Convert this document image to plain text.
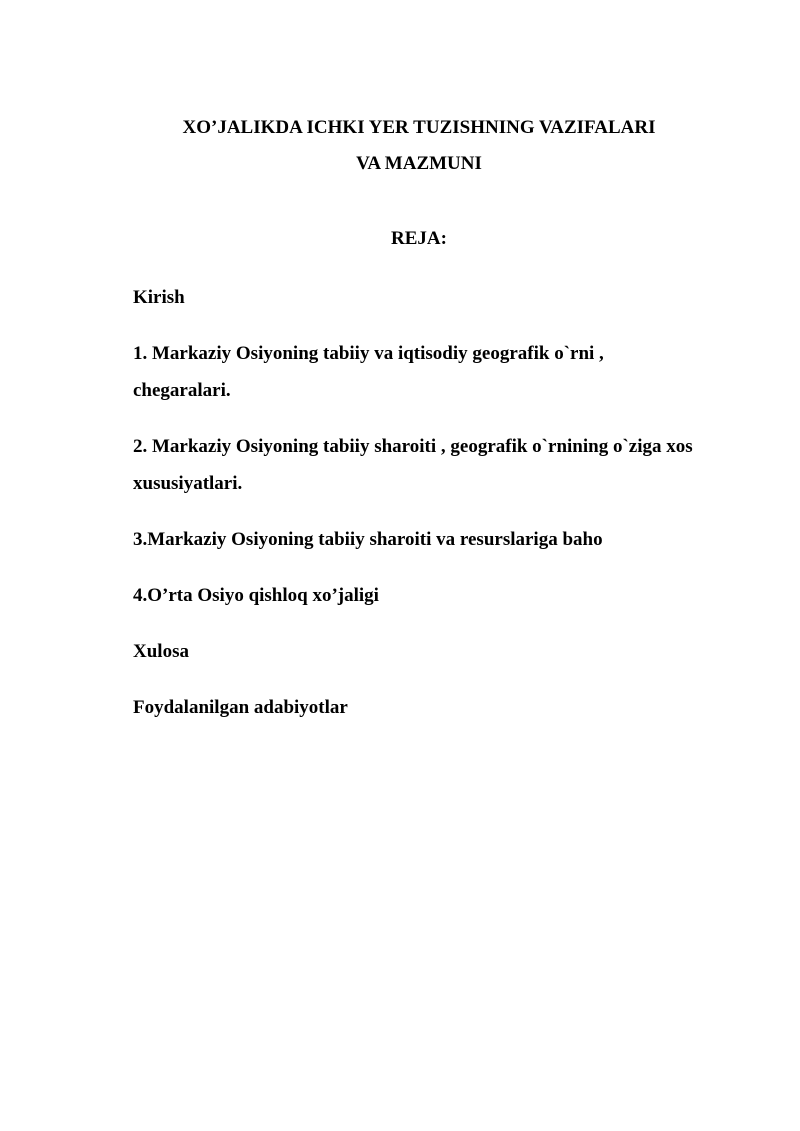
XO’JALIKDA ICHKI YER TUZISHNING VAZIFALARI
VA MAZMUNI
REJA:
Kirish
1. Markaziy Osiyoning tabiiy va iqtisodiy geografik o`rni , chegaralari.
2. Markaziy Osiyoning tabiiy sharoiti , geografik o`rnining o`ziga xos xususiyatlari.
3.Markaziy Osiyoning tabiiy sharoiti va resurslariga baho
4.O’rta Osiyo qishloq xo’jaligi
Xulosa
Foydalanilgan adabiyotlar
